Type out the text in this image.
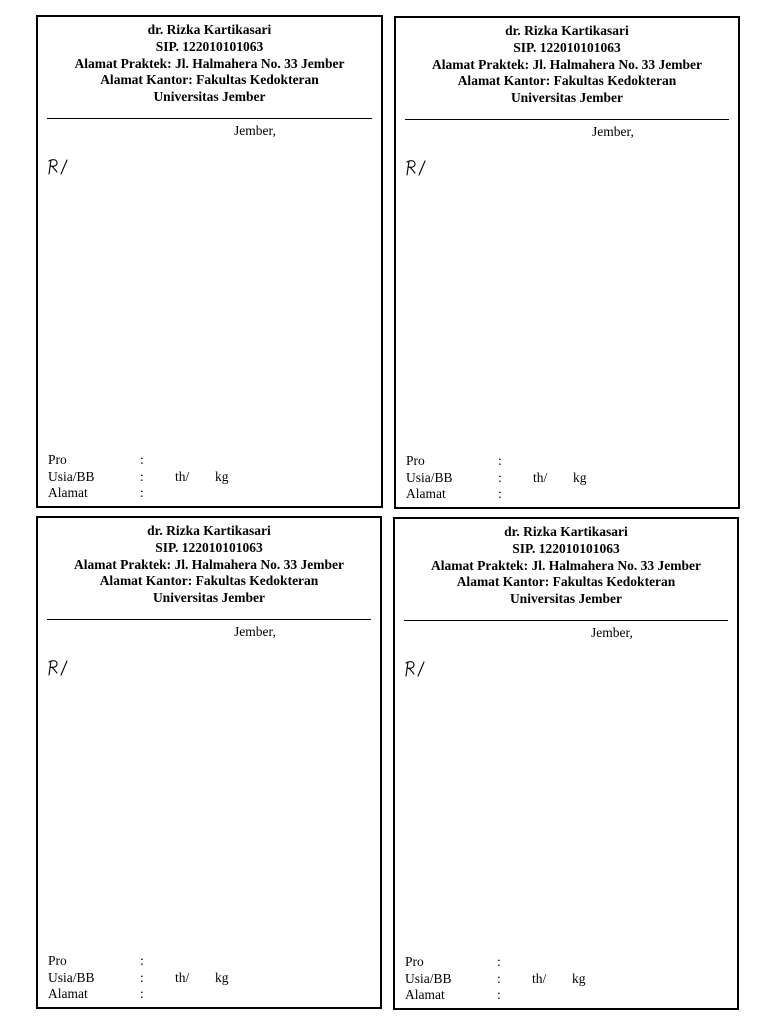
dr. Rizka Kartikasari
SIP. 122010101063
Alamat Praktek: Jl. Halmahera No. 33 Jember
Alamat Kantor: Fakultas Kedokteran
Universitas Jember
Jember,
Pro	:
Usia/BB	: th/ kg
Alamat	:
dr. Rizka Kartikasari
SIP. 122010101063
Alamat Praktek: Jl. Halmahera No. 33 Jember
Alamat Kantor: Fakultas Kedokteran
Universitas Jember
Jember,
Pro	:
Usia/BB	: th/ kg
Alamat	:
dr. Rizka Kartikasari
SIP. 122010101063
Alamat Praktek: Jl. Halmahera No. 33 Jember
Alamat Kantor: Fakultas Kedokteran
Universitas Jember
Jember,
Pro	:
Usia/BB	: th/ kg
Alamat	:
dr. Rizka Kartikasari
SIP. 122010101063
Alamat Praktek: Jl. Halmahera No. 33 Jember
Alamat Kantor: Fakultas Kedokteran
Universitas Jember
Jember,
Pro	:
Usia/BB	: th/ kg
Alamat	:
